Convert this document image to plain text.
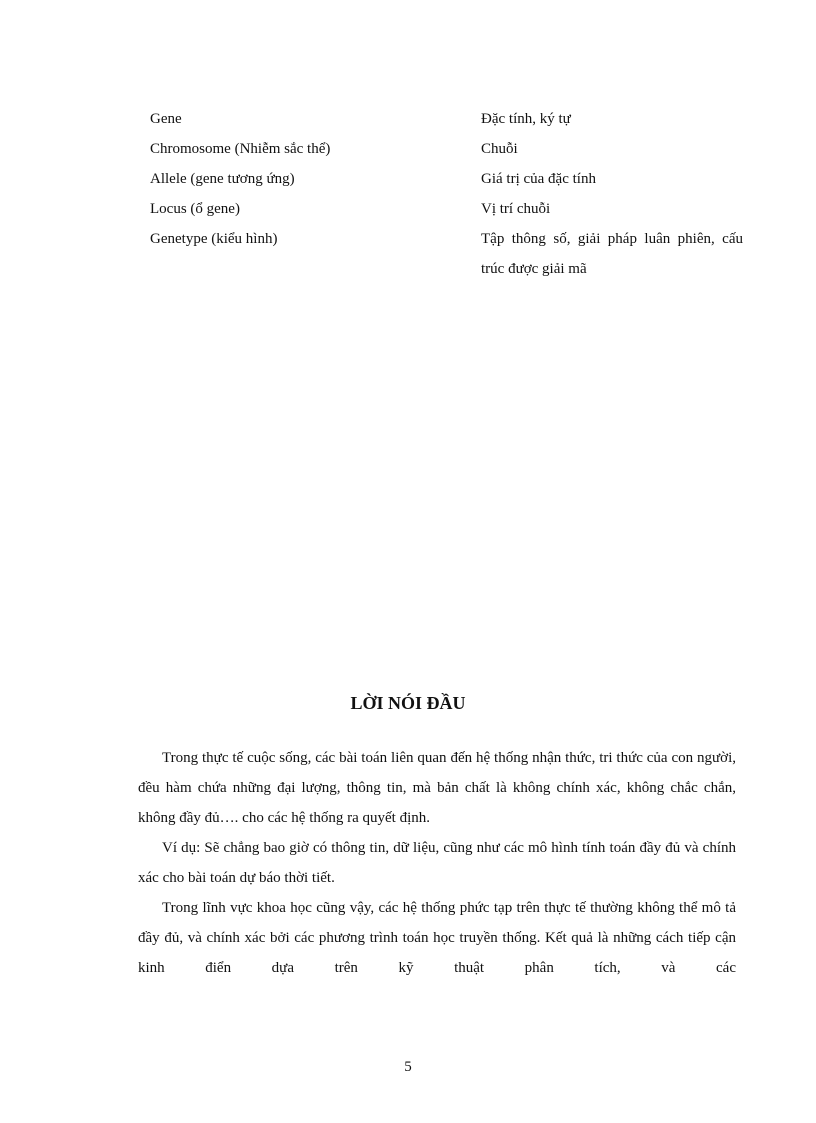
Gene	Đặc tính, ký tự
Chromosome (Nhiễm sắc thể)	Chuỗi
Allele (gene tương ứng)	Giá trị của đặc tính
Locus (ổ gene)	Vị trí chuỗi
Genetype (kiểu hình)	Tập thông số, giải pháp luân phiên, cấu trúc được giải mã
LỜI NÓI ĐẦU

Trong thực tế cuộc sống, các bài toán liên quan đến hệ thống nhận thức, tri thức của con người, đều hàm chứa những đại lượng, thông tin, mà bản chất là không chính xác, không chắc chắn, không đầy đủ…. cho các hệ thống ra quyết định.

Ví dụ: Sẽ chẳng bao giờ có thông tin, dữ liệu, cũng như các mô hình tính toán đầy đủ và chính xác cho bài toán dự báo thời tiết.

Trong lĩnh vực khoa học cũng vậy, các hệ thống phức tạp trên thực tế thường không thể mô tả đầy đủ, và chính xác bởi các phương trình toán học truyền thống. Kết quả là những cách tiếp cận kinh điển dựa trên kỹ thuật phân tích, và các

5
